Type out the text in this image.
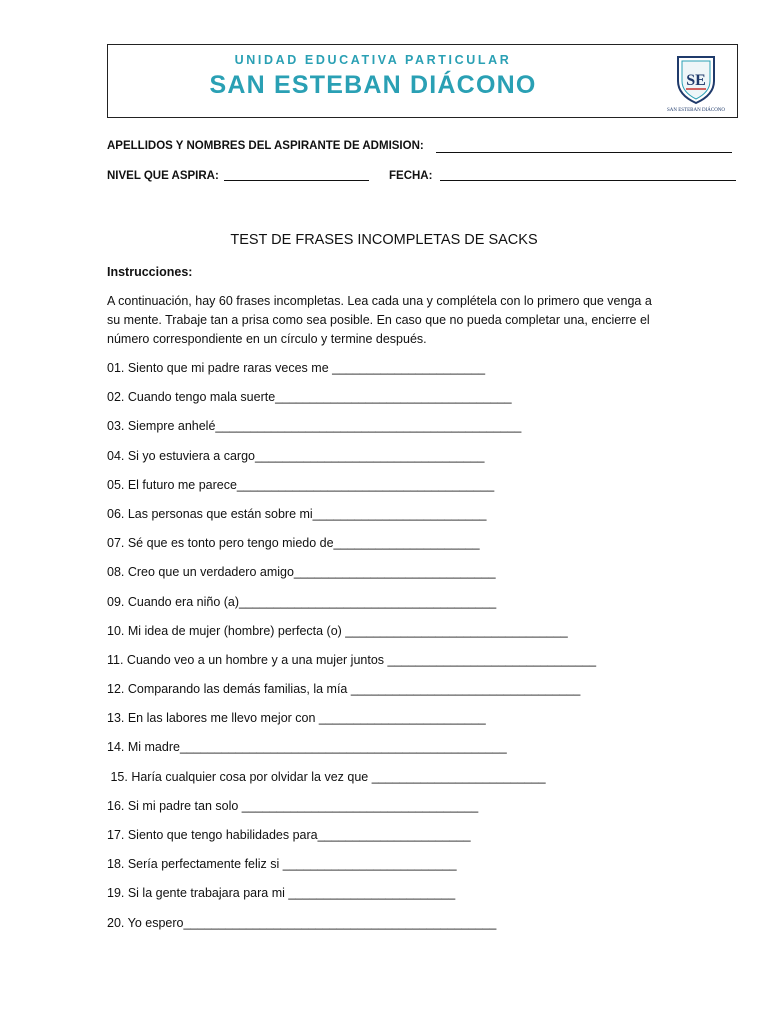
UNIDAD EDUCATIVA PARTICULAR
SAN ESTEBAN DIÁCONO	SE
SAN ESTEBAN DIÁCONO
APELLIDOS Y NOMBRES DEL ASPIRANTE DE ADMISION:
NIVEL QUE ASPIRA:	FECHA:
TEST DE FRASES INCOMPLETAS DE SACKS
Instrucciones:
A continuación, hay 60 frases incompletas. Lea cada una y complétela con lo primero que venga a su mente. Trabaje tan a prisa como sea posible. En caso que no pueda completar una, encierre el número correspondiente en un círculo y termine después.
01. Siento que mi padre raras veces me ______________________
02. Cuando tengo mala suerte__________________________________
03. Siempre anhelé____________________________________________
04. Si yo estuviera a cargo_________________________________
05. El futuro me parece_____________________________________
06. Las personas que están sobre mi_________________________
07. Sé que es tonto pero tengo miedo de_____________________
08. Creo que un verdadero amigo_____________________________
09. Cuando era niño (a)_____________________________________
10. Mi idea de mujer (hombre) perfecta (o) ________________________________
11. Cuando veo a un hombre y a una mujer juntos ______________________________
12. Comparando las demás familias, la mía _________________________________
13. En las labores me llevo mejor con ________________________
14. Mi madre_______________________________________________
15. Haría cualquier cosa por olvidar la vez que _________________________
16. Si mi padre tan solo __________________________________
17. Siento que tengo habilidades para______________________
18. Sería perfectamente feliz si _________________________
19. Si la gente trabajara para mi ________________________
20. Yo espero_____________________________________________
